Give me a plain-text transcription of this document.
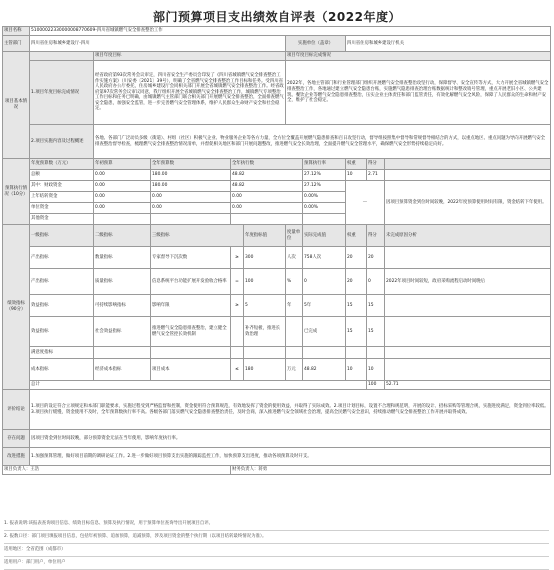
部门预算项目支出绩效自评表（2022年度）
项目名称	51000022330000008770609-四川省城镇燃气安全排查整治工作									
主管部门	四川省住房和城乡建设厅-四川					实施单位（盖章）		四川省住房和城乡建设厅机关		
项目基本情况		项目年度目标				项目年度目标完成情况				
	1.项目年度目标完成情况	经省政府第93次常务会议审定，四川省安全生产委员会印发了《四川省城镇燃气安全排查整治工作实施方案》（川安委〔2021〕39号），明确了全省燃气安全排查整治工作目标和任务。受四川省人民政府办公厅委托，住房城乡建设厅会同相关部门开展全省城镇燃气安全排查整治工作。经省政府第97次常务会议审议同意，我厅组织开展全省城镇燃气安全排查整治工作，城镇燃气专项整治工作目标和任务已明确，由城镇燃气主管部门联合相关部门开展燃气安全排查整治，全面排查燃气安全隐患，加强安全监管，进一步完善燃气安全管理体系，维护人民群众生命财产安全和社会稳定。				2022年，各地主管部门和行业管理部门组织开展燃气安全排查整治攻坚行动，保障督导、安全宣传等方式，大力开展全省城镇燃气安全排查整治工作，各地通过建立燃气安全隐患台账，实施燃气隐患排查治理台账数据统计和整改销号管理，重点开展老旧小区、公共建筑、餐饮企业等燃气安全隐患排查整治，压实企业主体责任和部门监管责任，有效化解燃气安全风险，保障了人民群众的生命和财产安全，维护了社会稳定。				
	2.项目实施内容及过程概述	各地、各部门广泛动员多级（街道）、村组（社区）积极气企业、物业服务企业等各方力量，全方位全覆盖开展燃气隐患排查和百日攻坚行动，督导组按照集中督导和常规督导相结合的方式，以重点地区、重点问题为导向开展燃气安全排查整治督导检查，梳理燃气安全排查整治情况清单，并督促相关地区和部门开展问题整改，推进燃气安全长效治理，全面提升燃气安全管理水平，确保燃气安全形势持续稳定向好。								
预算执行情况（10分）	年度预算数（万元）	年初预算	全年预算数	全年执行数			预算执行率	权重	得分	
	总额	0.00	180.00	48.82			27.12%	10	2.71	
	其中：财政资金	0.00	180.00	48.82			27.12%	—		因项目预算资金到位时间较晚，2022年度预算使用时间有限，资金结转下年使用。
	上年结转资金	0.00	0.00	0.00			0.00%			
	单位资金	0.00	0.00	0.00			0.00%			
	其他资金									
绩效指标（90分）	一级指标	二级指标	三级指标		年度指标值	度量单位	实际完成值	权重	得分	未完成原因分析
	产出指标	数量指标	专家督导下沉次数	≥	300	人次	758人次	20	20	
	产出指标	质量指标	信息系统平台功能扩展开发验收合格率	=	100	%	0	20	0	2022年项目时间较短，政府采购流程启动时间晚后
	效益指标	可持续影响指标	影响年限	≥	5	年	5年	15	15	
	效益指标	社会效益指标	推进燃气安全隐患排查整治，建立健全燃气安全管控长效机制		补齐短板，推进长效治理		已完成	15	15	
	满意度指标									
	成本指标	经济成本指标	项目成本	≤	180	万元	48.82	10	10	
	总计								100	52.71
评价结论	1.项目的设定符合立项规定和本部门职能要求，实施过程受到严格监督和控制，资金使用符合预算规范，有效地发挥了资金的使用效益，并取得了实际成效。2.项目计划目标，设置不合理和规范明，开展的设计、招标采购等管理合规，实施进度满足，资金到位率较低。3.项目执行缓慢，资金使用不及时，全年预算数执行率不高。各级各部门落实燃气安全隐患排查整治责任，及时会商，深入推进燃气安全领域社会治理，提高全民燃气安全意识，持续推动燃气安全排查整治工作开展并取得成效。									
存在问题	因项目资金到位时间较晚，部分预算资金无法在当年使用，影响年度执行率。									
改进措施	1.加强预算管理，做好项目前期的调研论证工作。2.进一步做好项目预算支出实施的跟踪监控工作，加快预算支出进度，推动各项预算及时开支。									
项目负责人：王浩				财务负责人：蒋勇						
1. 报表说明:该报表查询项目信息、绩效目标信息、预算及执行情况，用于预算单位查询导出开展项目自评。
2. 报数口径：部门项目填报项目信息，包括年初预算、追加预算，追减预算，涉及项目资金的整个执行期（以项目结转最终情况为准）。
适用地区：全省范围（成都市）
适用用户：部门用户，单位用户
